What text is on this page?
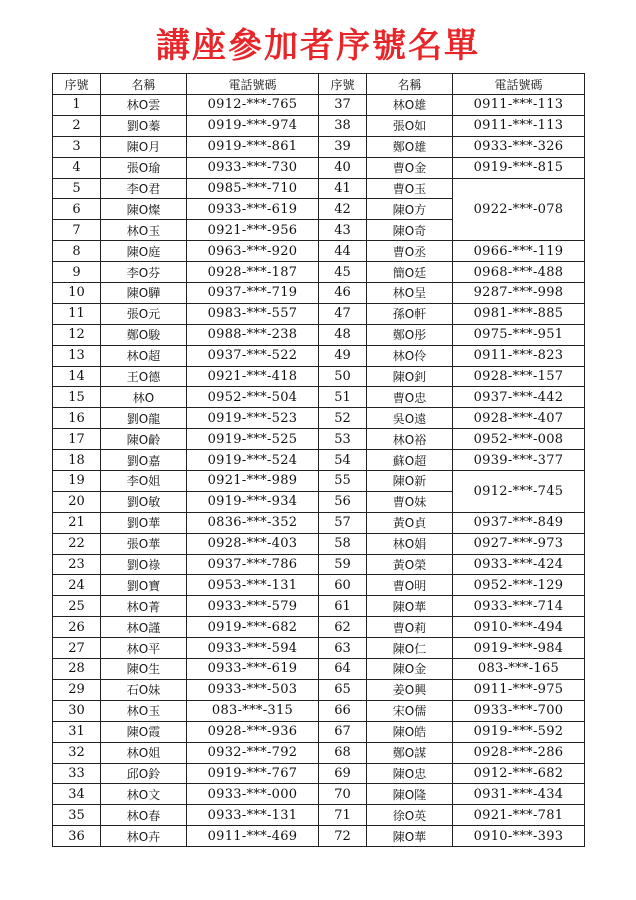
講座參加者序號名單
序號	名稱	電話號碼	序號	名稱	電話號碼
1	林O雲	0912-***-765	37	林O雄	0911-***-113
2	劉O蓁	0919-***-974	38	張O如	0911-***-113
3	陳O月	0919-***-861	39	鄭O雄	0933-***-326
4	張O瑜	0933-***-730	40	曹O金	0919-***-815
5	李O君	0985-***-710	41	曹O玉	0922-***-078
6	陳O燦	0933-***-619	42	陳O方	
7	林O玉	0921-***-956	43	陳O奇	
8	陳O庭	0963-***-920	44	曹O丞	0966-***-119
9	李O芬	0928-***-187	45	簡O廷	0968-***-488
10	陳O驊	0937-***-719	46	林O呈	9287-***-998
11	張O元	0983-***-557	47	孫O軒	0981-***-885
12	鄭O駿	0988-***-238	48	鄭O彤	0975-***-951
13	林O超	0937-***-522	49	林O伶	0911-***-823
14	王O德	0921-***-418	50	陳O釗	0928-***-157
15	林O	0952-***-504	51	曹O忠	0937-***-442
16	劉O龍	0919-***-523	52	吳O遠	0928-***-407
17	陳O齡	0919-***-525	53	林O裕	0952-***-008
18	劉O嘉	0919-***-524	54	蘇O超	0939-***-377
19	李O姐	0921-***-989	55	陳O新	0912-***-745
20	劉O敏	0919-***-934	56	曹O妹	
21	劉O華	0836-***-352	57	黃O貞	0937-***-849
22	張O華	0928-***-403	58	林O娟	0927-***-973
23	劉O祿	0937-***-786	59	黃O榮	0933-***-424
24	劉O寶	0953-***-131	60	曹O明	0952-***-129
25	林O菁	0933-***-579	61	陳O華	0933-***-714
26	林O謹	0919-***-682	62	曹O莉	0910-***-494
27	林O平	0933-***-594	63	陳O仁	0919-***-984
28	陳O生	0933-***-619	64	陳O金	083-***-165
29	石O妹	0933-***-503	65	姜O興	0911-***-975
30	林O玉	083-***-315	66	宋O儒	0933-***-700
31	陳O霞	0928-***-936	67	陳O皓	0919-***-592
32	林O姐	0932-***-792	68	鄭O謀	0928-***-286
33	邱O鈴	0919-***-767	69	陳O忠	0912-***-682
34	林O文	0933-***-000	70	陳O隆	0931-***-434
35	林O春	0933-***-131	71	徐O英	0921-***-781
36	林O卉	0911-***-469	72	陳O華	0910-***-393
